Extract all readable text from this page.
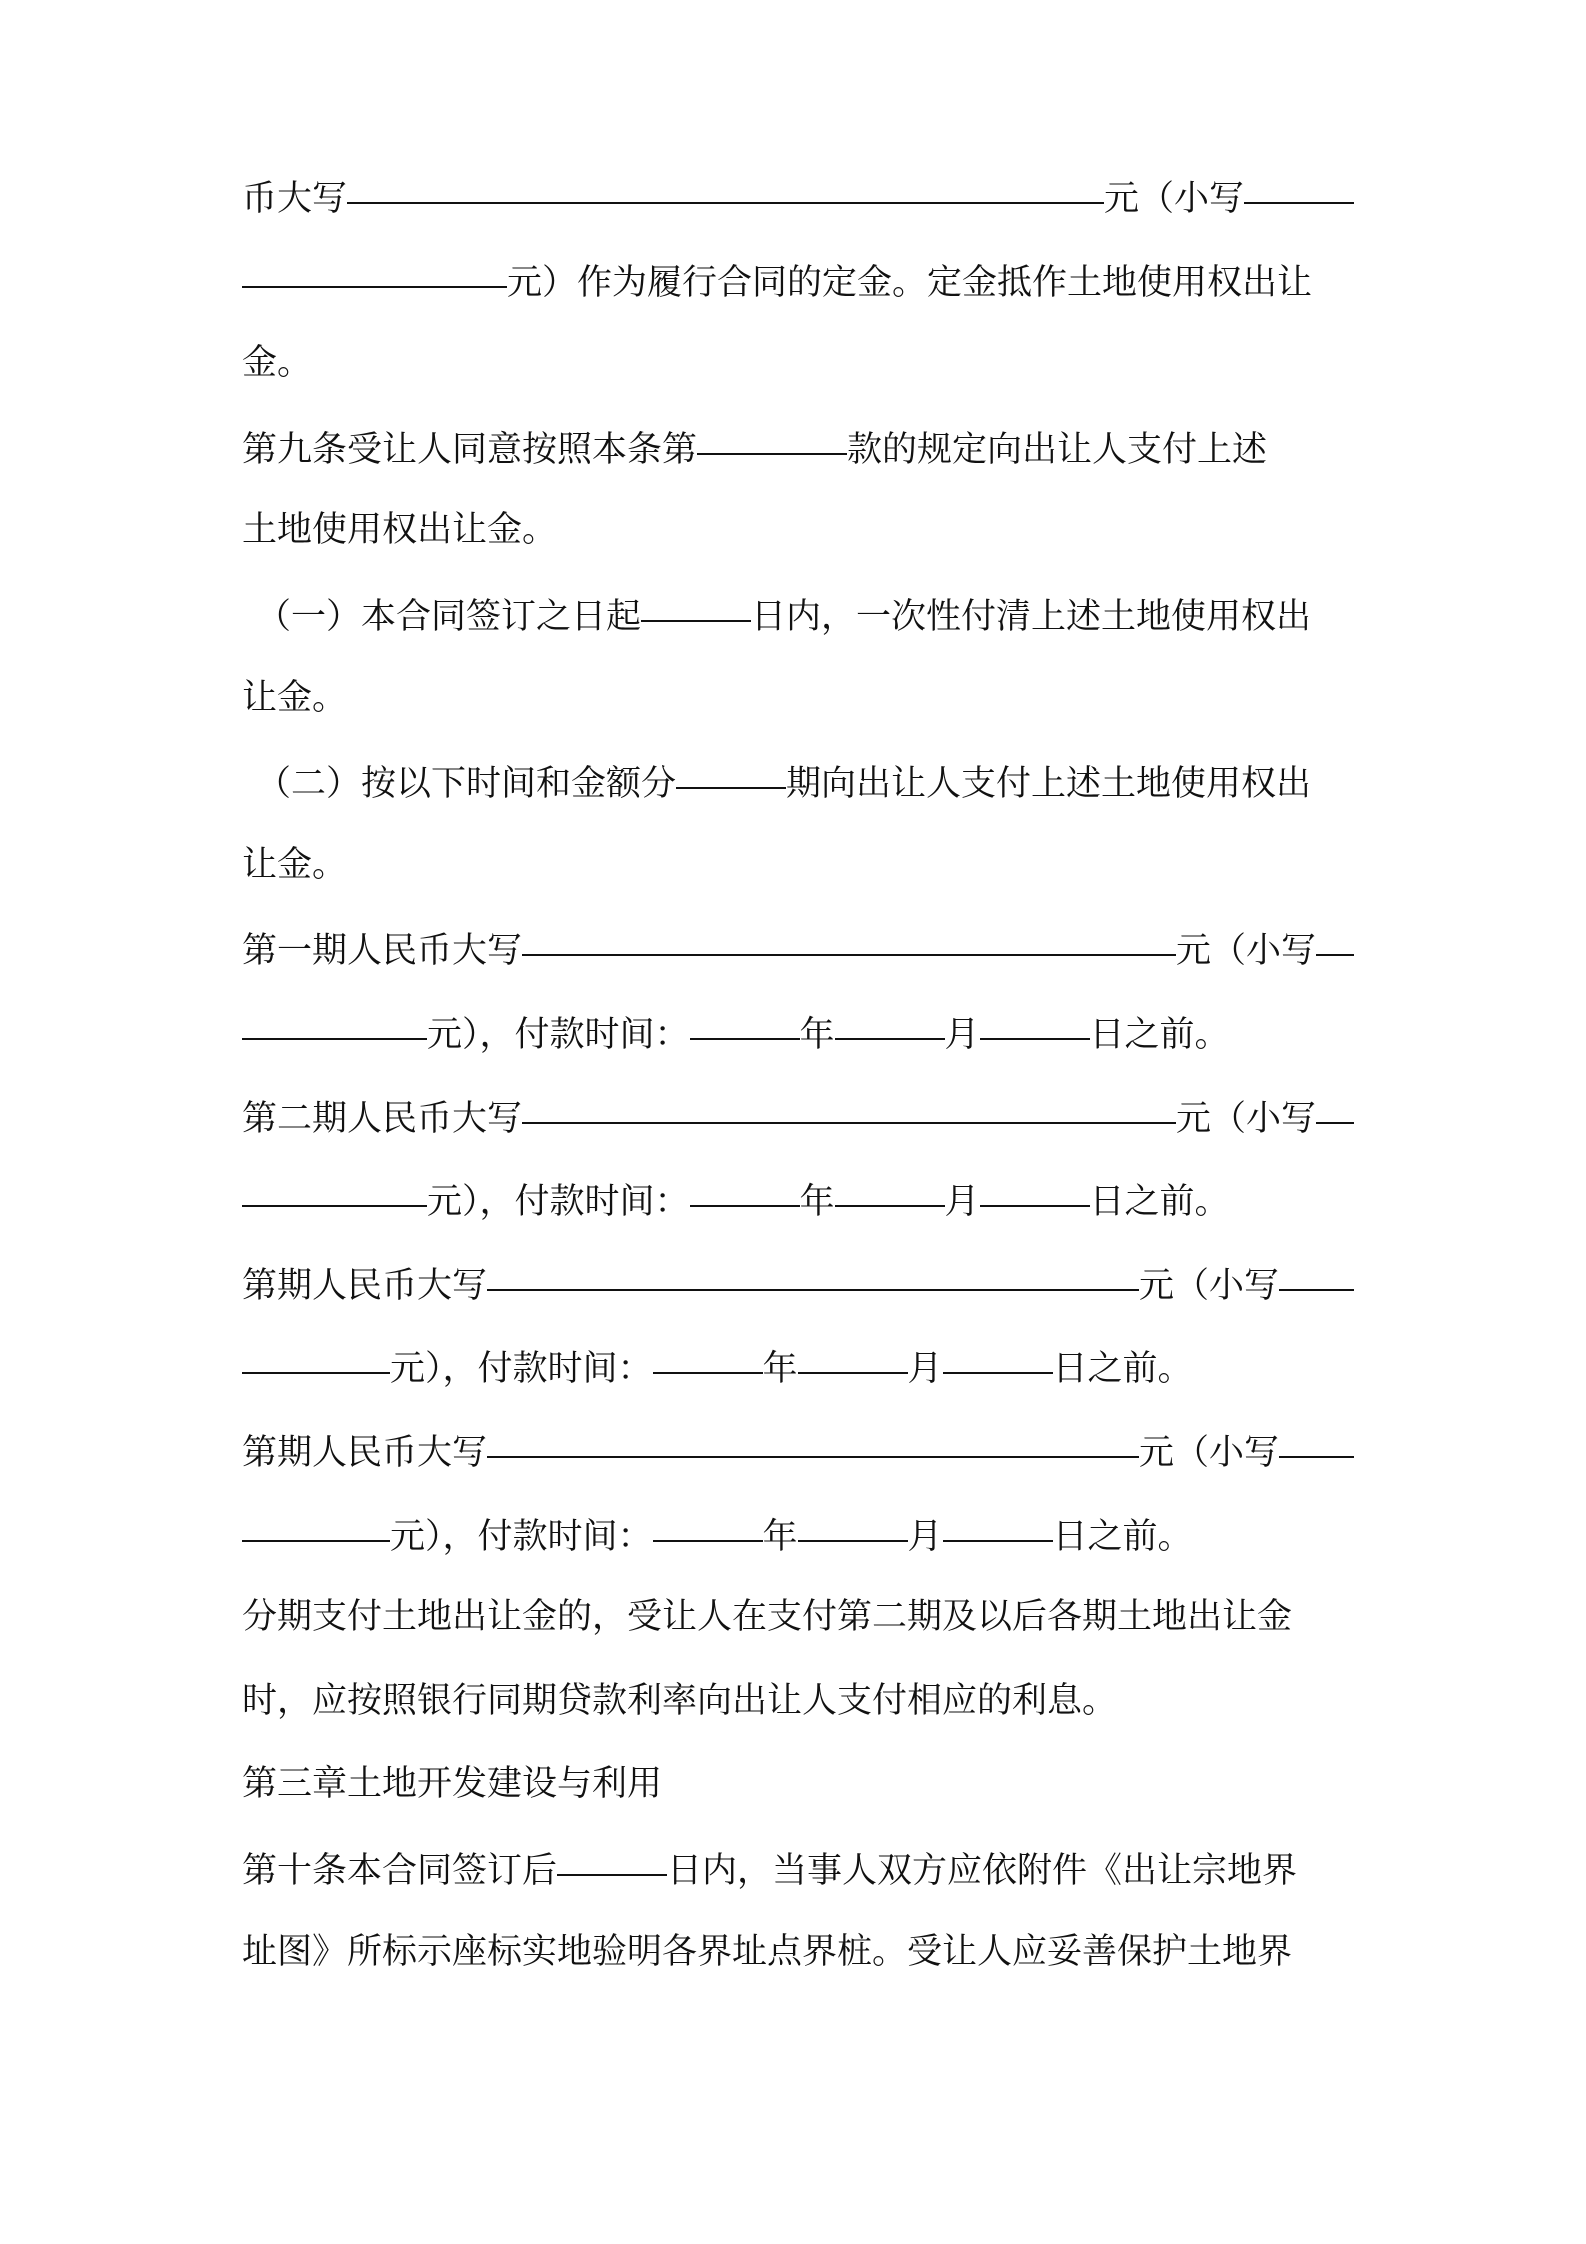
币大写	元（小写
元）作为履行合同的定金。定金抵作土地使用权出让
金。
第九条受让人同意按照本条第	款的规定向出让人支付上述
土地使用权出让金。
（一）本合同签订之日起	日内，一次性付清上述土地使用权出
让金。
（二）按以下时间和金额分	期向出让人支付上述土地使用权出
让金。
第一期人民币大写	元（小写
元），付款时间：	年	月	日之前。
第二期人民币大写	元（小写
元），付款时间：	年	月	日之前。
第期人民币大写	元（小写
元），付款时间：	年	月	日之前。
第期人民币大写	元（小写
元），付款时间：	年	月	日之前。
分期支付土地出让金的，受让人在支付第二期及以后各期土地出让金
时，应按照银行同期贷款利率向出让人支付相应的利息。
第三章土地开发建设与利用
第十条本合同签订后	日内，当事人双方应依附件《出让宗地界
址图》所标示座标实地验明各界址点界桩。受让人应妥善保护土地界
